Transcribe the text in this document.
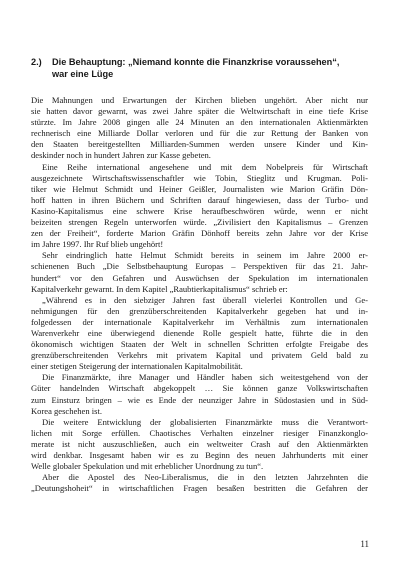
2.) Die Behauptung: „Niemand konnte die Finanzkrise voraussehen“,
war eine Lüge
Die Mahnungen und Erwartungen der Kirchen blieben ungehört. Aber nicht nur
sie hatten davor gewarnt, was zwei Jahre später die Weltwirtschaft in eine tiefe Krise
stürzte. Im Jahre 2008 gingen alle 24 Minuten an den internationalen Aktienmärkten
rechnerisch eine Milliarde Dollar verloren und für die zur Rettung der Banken von
den Staaten bereitgestellten Milliarden-Summen werden unsere Kinder und Kin-
deskinder noch in hundert Jahren zur Kasse gebeten.
Eine Reihe international angesehene und mit dem Nobelpreis für Wirtschaft
ausgezeichnete Wirtschaftswissenschaftler wie Tobin, Stieglitz und Krugman. Poli-
tiker wie Helmut Schmidt und Heiner Geißler, Journalisten wie Marion Gräfin Dön-
hoff hatten in ihren Büchern und Schriften darauf hingewiesen, dass der Turbo- und
Kasino-Kapitalismus eine schwere Krise heraufbeschwören würde, wenn er nicht
beizeiten strengen Regeln unterworfen würde. „Zivilisiert den Kapitalismus – Grenzen
zen der Freiheit“, forderte Marion Gräfin Dönhoff bereits zehn Jahre vor der Krise
im Jahre 1997. Ihr Ruf blieb ungehört!
Sehr eindringlich hatte Helmut Schmidt bereits in seinem im Jahre 2000 er-
schienenen Buch „Die Selbstbehauptung Europas – Perspektiven für das 21. Jahr-
hundert“ vor den Gefahren und Auswüchsen der Spekulation im internationalen
Kapitalverkehr gewarnt. In dem Kapitel „Raubtierkapitalismus“ schrieb er:
„Während es in den siebziger Jahren fast überall vielerlei Kontrollen und Ge-
nehmigungen für den grenzüberschreitenden Kapitalverkehr gegeben hat und in-
folgedessen der internationale Kapitalverkehr im Verhältnis zum internationalen
Warenverkehr eine überwiegend dienende Rolle gespielt hatte, führte die in den
ökonomisch wichtigen Staaten der Welt in schnellen Schritten erfolgte Freigabe des
grenzüberschreitenden Verkehrs mit privatem Kapital und privatem Geld bald zu
einer stetigen Steigerung der internationalen Kapitalmobilität.
Die Finanzmärkte, ihre Manager und Händler haben sich weitestgehend von der
Güter handelnden Wirtschaft abgekoppelt … Sie können ganze Volkswirtschaften
zum Einsturz bringen – wie es Ende der neunziger Jahre in Südostasien und in Süd-
Korea geschehen ist.
Die weitere Entwicklung der globalisierten Finanzmärkte muss die Verantwort-
lichen mit Sorge erfüllen. Chaotisches Verhalten einzelner riesiger Finanzkonglo-
merate ist nicht auszuschließen, auch ein weltweiter Crash auf den Aktienmärkten
wird denkbar. Insgesamt haben wir es zu Beginn des neuen Jahrhunderts mit einer
Welle globaler Spekulation und mit erheblicher Unordnung zu tun“.
Aber die Apostel des Neo-Liberalismus, die in den letzten Jahrzehnten die
„Deutungshoheit“ in wirtschaftlichen Fragen besaßen bestritten die Gefahren der
11
